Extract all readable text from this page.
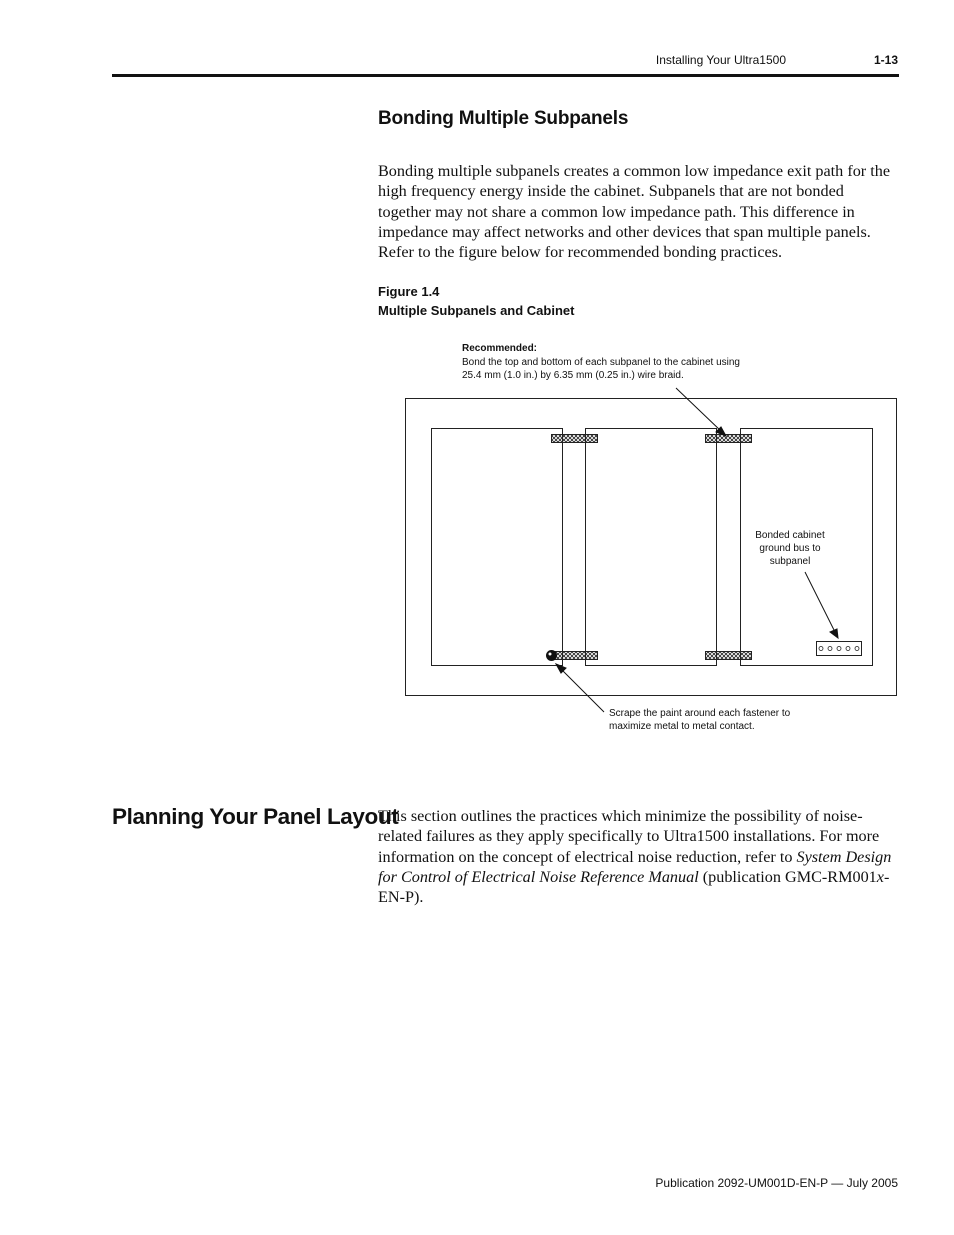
Installing Your Ultra1500	1-13
Bonding Multiple Subpanels
Bonding multiple subpanels creates a common low impedance exit path for the high frequency energy inside the cabinet. Subpanels that are not bonded together may not share a common low impedance path. This difference in impedance may affect networks and other devices that span multiple panels. Refer to the figure below for recommended bonding practices.
Figure 1.4
Multiple Subpanels and Cabinet
Recommended:
Bond the top and bottom of each subpanel to the cabinet using
25.4 mm (1.0 in.) by 6.35 mm (0.25 in.) wire braid.
Bonded cabinet
ground bus to
subpanel
Scrape the paint around each fastener to
maximize metal to metal contact.
Planning Your Panel Layout
This section outlines the practices which minimize the possibility of noise-related failures as they apply specifically to Ultra1500 installations. For more information on the concept of electrical noise reduction, refer to System Design for Control of Electrical Noise Reference Manual (publication GMC-RM001x-EN-P).
Publication 2092-UM001D-EN-P — July 2005
